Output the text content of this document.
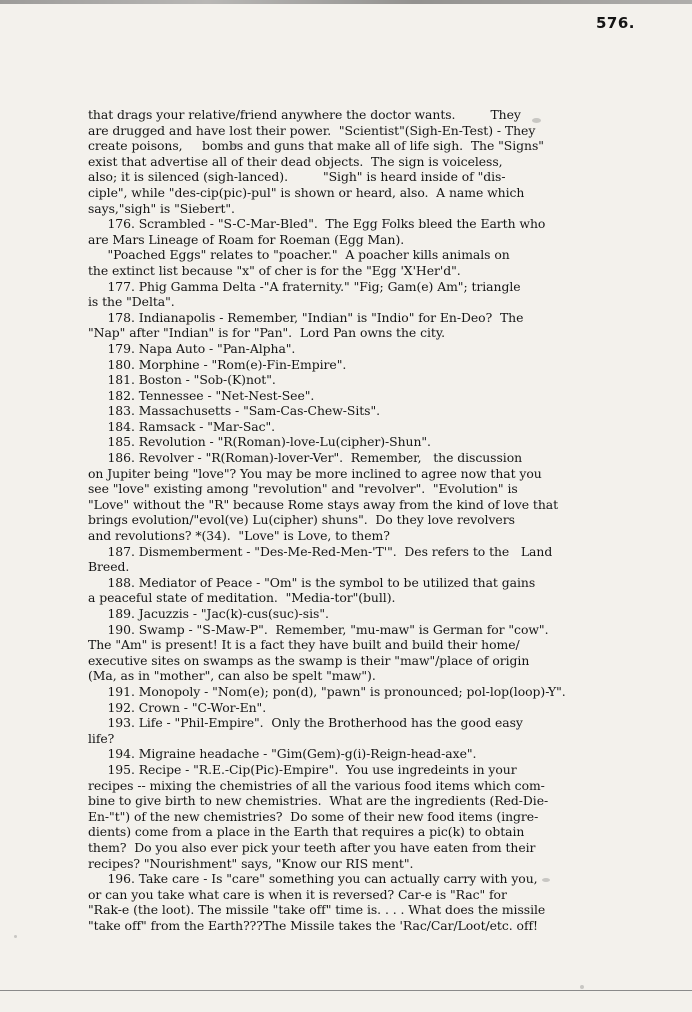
576.
that drags your relative/friend anywhere the doctor wants.         They
are drugged and have lost their power.  "Scientist"(Sigh-En-Test) - They
create poisons,     bombs and guns that make all of life sigh.  The "Signs"
exist that advertise all of their dead objects.  The sign is voiceless,
also; it is silenced (sigh-lanced).         "Sigh" is heard inside of "dis-
ciple", while "des-cip(pic)-pul" is shown or heard, also.  A name which
says,"sigh" is "Siebert".
176. Scrambled - "S-C-Mar-Bled".  The Egg Folks bleed the Earth who
are Mars Lineage of Roam for Roeman (Egg Man).
"Poached Eggs" relates to "poacher."  A poacher kills animals on
the extinct list because "x" of cher is for the "Egg 'X'Her'd".
177. Phig Gamma Delta -"A fraternity." "Fig; Gam(e) Am"; triangle
is the "Delta".
178. Indianapolis - Remember, "Indian" is "Indio" for En-Deo?  The
"Nap" after "Indian" is for "Pan".  Lord Pan owns the city.
179. Napa Auto - "Pan-Alpha".
180. Morphine - "Rom(e)-Fin-Empire".
181. Boston - "Sob-(K)not".
182. Tennessee - "Net-Nest-See".
183. Massachusetts - "Sam-Cas-Chew-Sits".
184. Ramsack - "Mar-Sac".
185. Revolution - "R(Roman)-love-Lu(cipher)-Shun".
186. Revolver - "R(Roman)-lover-Ver".  Remember,   the discussion
on Jupiter being "love"? You may be more inclined to agree now that you
see "love" existing among "revolution" and "revolver".  "Evolution" is
"Love" without the "R" because Rome stays away from the kind of love that
brings evolution/"evol(ve) Lu(cipher) shuns".  Do they love revolvers
and revolutions? *(34).  "Love" is Love, to them?
187. Dismemberment - "Des-Me-Red-Men-'T'".  Des refers to the   Land
Breed.
188. Mediator of Peace - "Om" is the symbol to be utilized that gains
a peaceful state of meditation.  "Media-tor"(bull).
189. Jacuzzis - "Jac(k)-cus(suc)-sis".
190. Swamp - "S-Maw-P".  Remember, "mu-maw" is German for "cow".
The "Am" is present! It is a fact they have built and build their home/
executive sites on swamps as the swamp is their "maw"/place of origin
(Ma, as in "mother", can also be spelt "maw").
191. Monopoly - "Nom(e); pon(d), "pawn" is pronounced; pol-lop(loop)-Y".
192. Crown - "C-Wor-En".
193. Life - "Phil-Empire".  Only the Brotherhood has the good easy
life?
194. Migraine headache - "Gim(Gem)-g(i)-Reign-head-axe".
195. Recipe - "R.E.-Cip(Pic)-Empire".  You use ingredeints in your
recipes -- mixing the chemistries of all the various food items which com-
bine to give birth to new chemistries.  What are the ingredients (Red-Die-
En-"t") of the new chemistries?  Do some of their new food items (ingre-
dients) come from a place in the Earth that requires a pic(k) to obtain
them?  Do you also ever pick your teeth after you have eaten from their
recipes? "Nourishment" says, "Know our RIS ment".
196. Take care - Is "care" something you can actually carry with you,
or can you take what care is when it is reversed? Car-e is "Rac" for
"Rak-e (the loot). The missile "take off" time is. . . . What does the missile
"take off" from the Earth???The Missile takes the 'Rac/Car/Loot/etc. off!
